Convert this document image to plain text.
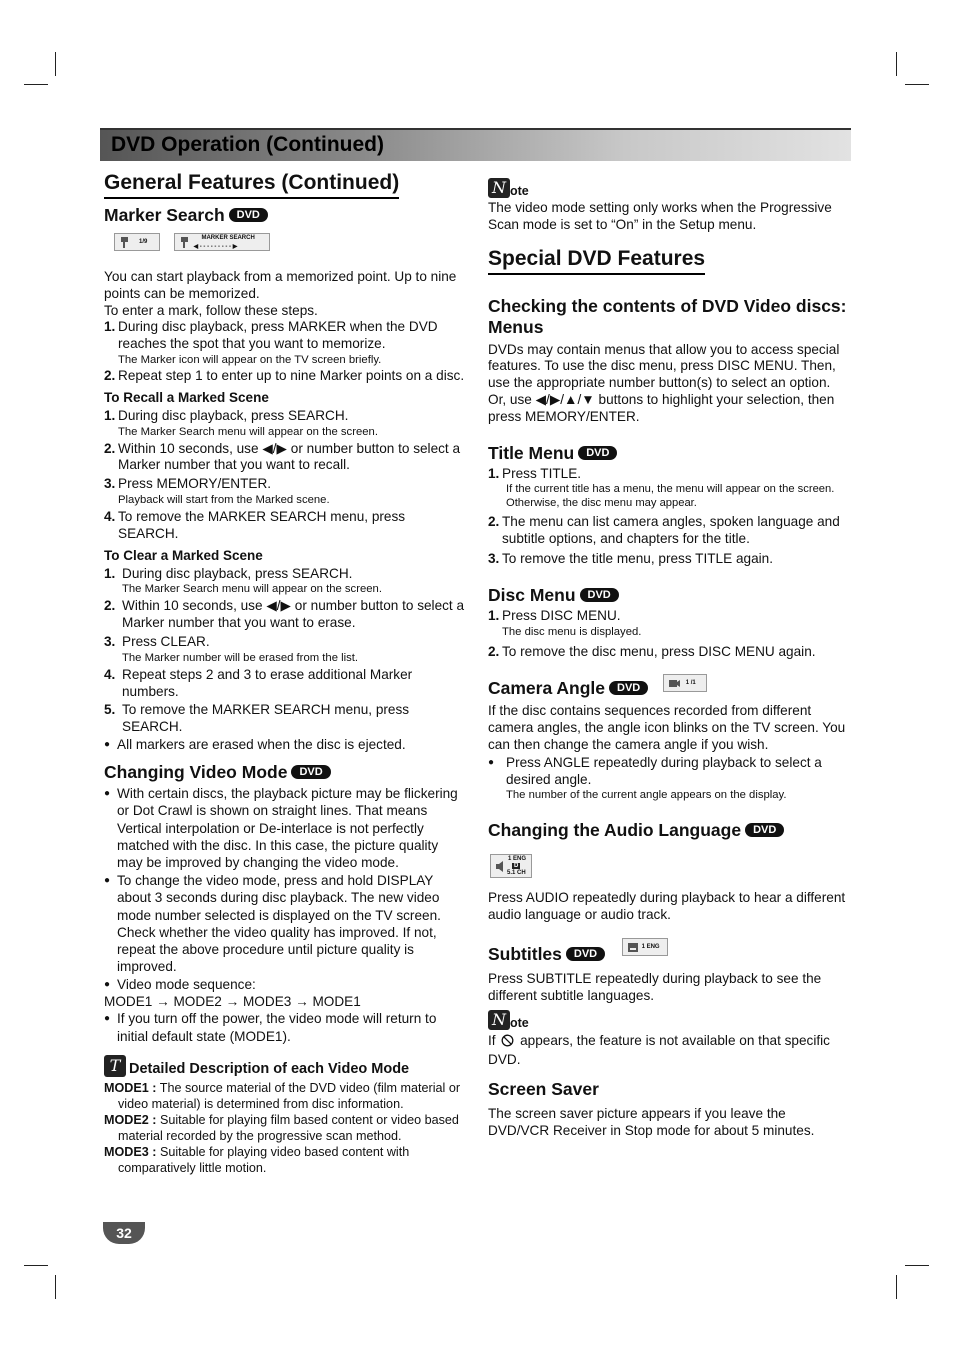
DVD Operation (Continued)
General Features (Continued)
Marker Search DVD
1/9

MARKER SEARCH
◀ - - - - - - - - - ▶
You can start playback from a memorized point. Up to nine points can be memorized.
To enter a mark, follow these steps.
1. During disc playback, press MARKER when the DVD reaches the spot that you want to memorize.
The Marker icon will appear on the TV screen briefly.
2. Repeat step 1 to enter up to nine Marker points on a disc.
To Recall a Marked Scene
1. During disc playback, press SEARCH.
The Marker Search menu will appear on the screen.
2. Within 10 seconds, use ◀/▶ or number button to select a Marker number that you want to recall.
3. Press MEMORY/ENTER.
Playback will start from the Marked scene.
4. To remove the MARKER SEARCH menu, press SEARCH.
To Clear a Marked Scene
1. During disc playback, press SEARCH.
The Marker Search menu will appear on the screen.
2. Within 10 seconds, use ◀/▶ or number button to select a Marker number that you want to erase.
3. Press CLEAR.
The Marker number will be erased from the list.
4. Repeat steps 2 and 3 to erase additional Marker numbers.
5. To remove the MARKER SEARCH menu, press SEARCH.
● All markers are erased when the disc is ejected.
Changing Video Mode DVD
● With certain discs, the playback picture may be flickering or Dot Crawl is shown on straight lines. That means Vertical interpolation or De-interlace is not perfectly matched with the disc. In this case, the picture quality may be improved by changing the video mode.
● To change the video mode, press and hold DISPLAY about 3 seconds during disc playback. The new video mode number selected is displayed on the TV screen. Check whether the video quality has improved. If not, repeat the above procedure until picture quality is improved.
● Video mode sequence:
MODE1 → MODE2 → MODE3 → MODE1
● If you turn off the power, the video mode will return to initial default state (MODE1).
T Detailed Description of each Video Mode
MODE1 : The source material of the DVD video (film material or video material) is determined from disc information.
MODE2 : Suitable for playing film based content or video based material recorded by the progressive scan method.
MODE3 : Suitable for playing video based content with comparatively little motion.
32
N ote
The video mode setting only works when the Progressive Scan mode is set to “On” in the Setup menu.
Special DVD Features
Checking the contents of DVD Video discs: Menus
DVDs may contain menus that allow you to access special features. To use the disc menu, press DISC MENU. Then, use the appropriate number button(s) to select an option. Or, use ◀/▶/▲/▼ buttons to highlight your selection, then press MEMORY/ENTER.
Title Menu DVD
1. Press TITLE.
If the current title has a menu, the menu will appear on the screen. Otherwise, the disc menu may appear.
2. The menu can list camera angles, spoken language and subtitle options, and chapters for the title.
3. To remove the title menu, press TITLE again.
Disc Menu DVD
1. Press DISC MENU.
The disc menu is displayed.
2. To remove the disc menu, press DISC MENU again.
Camera Angle DVD	1 /1
If the disc contains sequences recorded from different camera angles, the angle icon blinks on the TV screen. You can then change the camera angle if you wish.
● Press ANGLE repeatedly during playback to select a desired angle.
The number of the current angle appears on the display.
Changing the Audio Language DVD
1 ENG
D
5.1 CH
Press AUDIO repeatedly during playback to hear a different audio language or audio track.
Subtitles DVD
1 ENG
Press SUBTITLE repeatedly during playback to see the different subtitle languages.
N ote
If appears, the feature is not available on that specific DVD.
Screen Saver
The screen saver picture appears if you leave the DVD/VCR Receiver in Stop mode for about 5 minutes.
